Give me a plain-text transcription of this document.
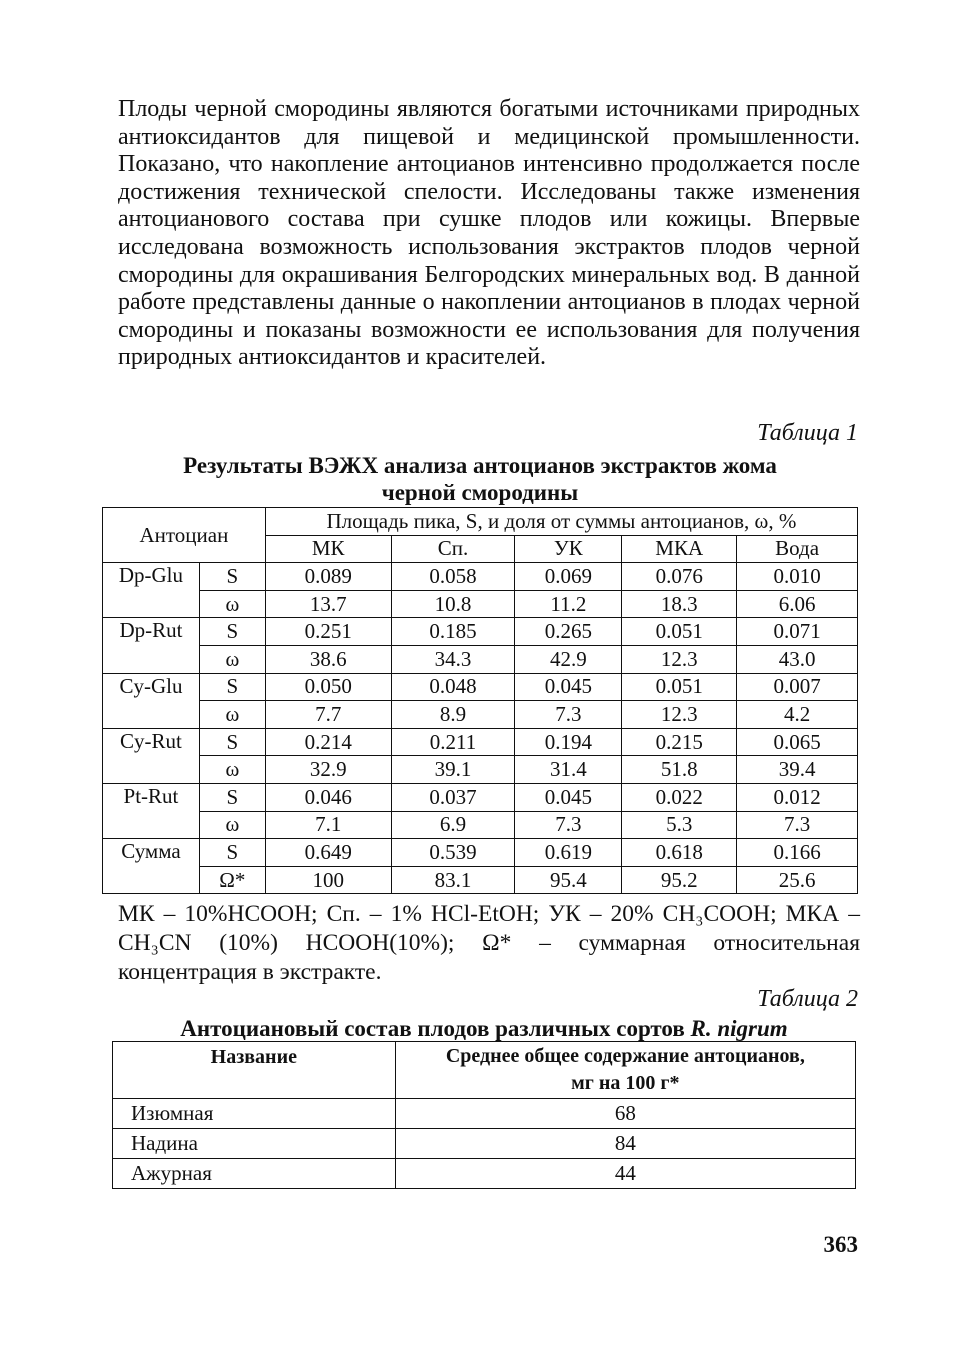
Плоды черной смородины являются богатыми источниками природных антиоксидантов для пищевой и медицинской промышленности. Показано, что накопление антоцианов интенсивно продолжается после достижения технической спелости. Исследованы также изменения антоцианового состава при сушке плодов или кожицы. Впервые исследована возможность использования экстрактов плодов черной смородины для окрашивания Белгородских минеральных вод. В данной работе представлены данные о накоплении антоцианов в плодах черной смородины и показаны возможности ее использования для получения природных антиоксидантов и красителей.

Таблица 1
Результаты ВЭЖХ анализа антоцианов экстрактов жома
черной смородины
Антоциан		Площадь пика, S, и доля от суммы антоцианов, ω, %				
		МК	Сп.	УК	МКА	Вода
Dp-Glu	S	0.089	0.058	0.069	0.076	0.010
	ω	13.7	10.8	11.2	18.3	6.06
Dp-Rut	S	0.251	0.185	0.265	0.051	0.071
	ω	38.6	34.3	42.9	12.3	43.0
Cy-Glu	S	0.050	0.048	0.045	0.051	0.007
	ω	7.7	8.9	7.3	12.3	4.2
Cy-Rut	S	0.214	0.211	0.194	0.215	0.065
	ω	32.9	39.1	31.4	51.8	39.4
Pt-Rut	S	0.046	0.037	0.045	0.022	0.012
	ω	7.1	6.9	7.3	5.3	7.3
Сумма	S	0.649	0.539	0.619	0.618	0.166
	Ω*	100	83.1	95.4	95.2	25.6

МК – 10%HCOOH; Сп. – 1% HCl-EtOH; УК – 20% CH₃COOH; МКА – CH₃CN (10%) HCOOH(10%); Ω* – суммарная относительная концентрация в экстракте.

Таблица 2
Антоциановый состав плодов различных сортов R. nigrum
Название	Среднее общее содержание антоцианов,
мг на 100 г*

Изюмная	68
Надина	84
Ажурная	44
363
